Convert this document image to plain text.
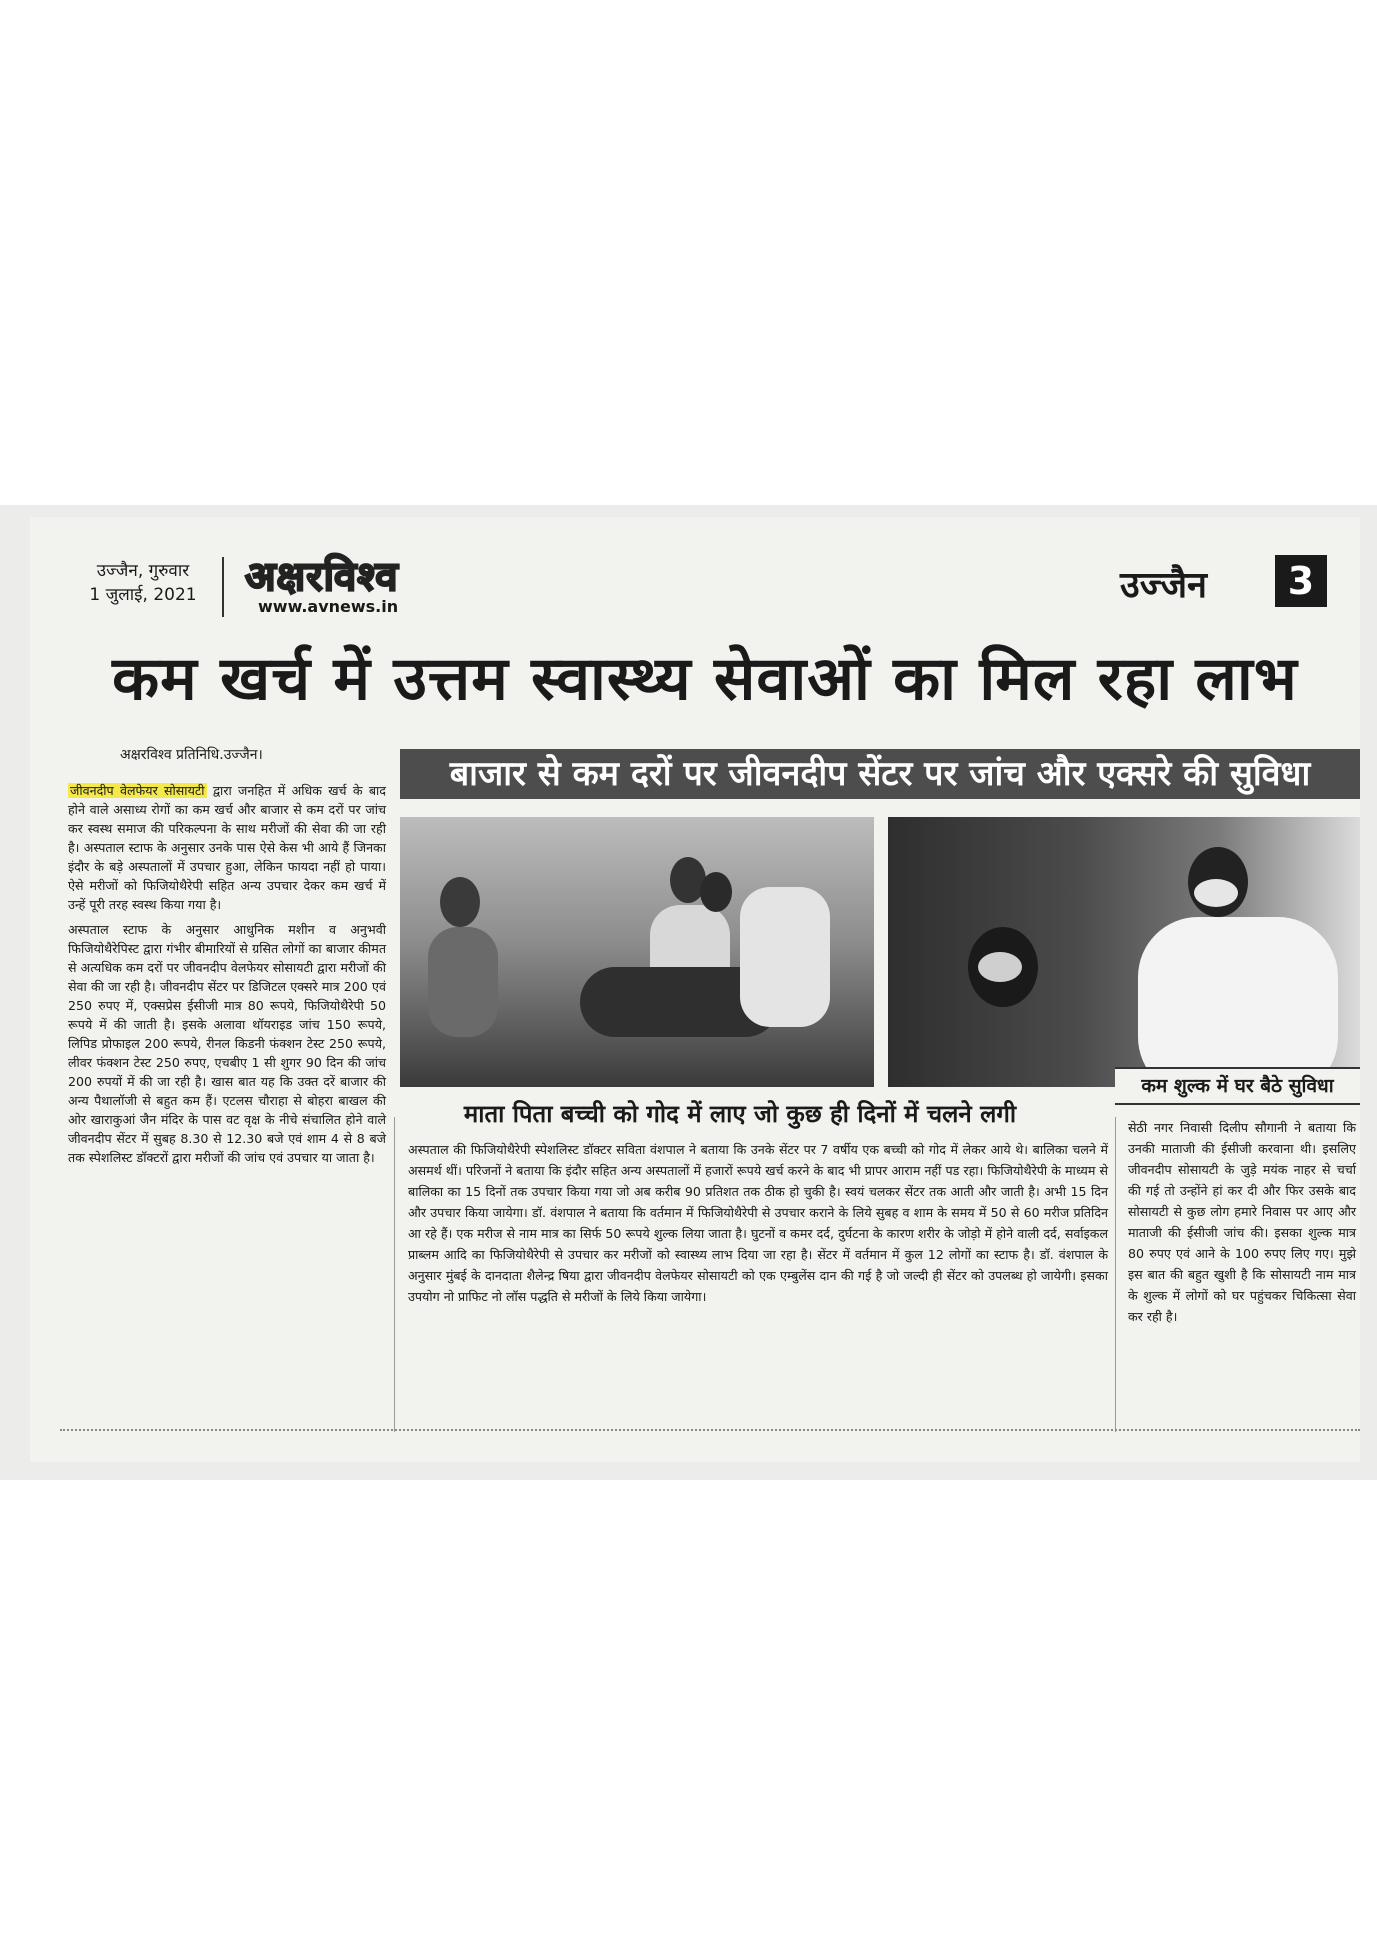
उज्जैन, गुरुवार
1 जुलाई, 2021	अक्षरविश्व
www.avnews.in
उज्जैन	3
कम खर्च में उत्तम स्वास्थ्य सेवाओं का मिल रहा लाभ
अक्षरविश्व प्रतिनिधि.उज्जैन।

जीवनदीप वेलफेयर सोसायटी द्वारा जनहित में अधिक खर्च के बाद होने वाले असाध्य रोगों का कम खर्च और बाजार से कम दरों पर जांच कर स्वस्थ समाज की परिकल्पना के साथ मरीजों की सेवा की जा रही है। अस्पताल स्टाफ के अनुसार उनके पास ऐसे केस भी आये हैं जिनका इंदौर के बड़े अस्पतालों में उपचार हुआ, लेकिन फायदा नहीं हो पाया। ऐसे मरीजों को फिजियोथैरेपी सहित अन्य उपचार देकर कम खर्च में उन्हें पूरी तरह स्वस्थ किया गया है।

अस्पताल स्टाफ के अनुसार आधुनिक मशीन व अनुभवी फिजियोथैरेपिस्ट द्वारा गंभीर बीमारियों से ग्रसित लोगों का बाजार कीमत से अत्यधिक कम दरों पर जीवनदीप वेलफेयर सोसायटी द्वारा मरीजों की सेवा की जा रही है। जीवनदीप सेंटर पर डिजिटल एक्सरे मात्र 200 एवं 250 रुपए में, एक्सप्रेस ईसीजी मात्र 80 रूपये, फिजियोथैरेपी 50 रूपये में की जाती है। इसके अलावा थॉयराइड जांच 150 रूपये, लिपिड प्रोफाइल 200 रूपये, रीनल किडनी फंक्शन टेस्ट 250 रूपये, लीवर फंक्शन टेस्ट 250 रुपए, एचबीए 1 सी शुगर 90 दिन की जांच 200 रुपयों में की जा रही है। खास बात यह कि उक्त दरें बाजार की अन्य पैथालॉजी से बहुत कम हैं। एटलस चौराहा से बोहरा बाखल की ओर खाराकुआं जैन मंदिर के पास वट वृक्ष के नीचे संचालित होने वाले जीवनदीप सेंटर में सुबह 8.30 से 12.30 बजे एवं शाम 4 से 8 बजे तक स्पेशलिस्ट डॉक्टरों द्वारा मरीजों की जांच एवं उपचार या जाता है।

बाजार से कम दरों पर जीवनदीप सेंटर पर जांच और एक्सरे की सुविधा
माता पिता बच्ची को गोद में लाए जो कुछ ही दिनों में चलने लगी
कम शुल्क में घर बैठे सुविधा
अस्पताल की फिजियोथैरेपी स्पेशलिस्ट डॉक्टर सविता वंशपाल ने बताया कि उनके सेंटर पर 7 वर्षीय एक बच्ची को गोद में लेकर आये थे। बालिका चलने में असमर्थ थीं। परिजनों ने बताया कि इंदौर सहित अन्य अस्पतालों में हजारों रूपये खर्च करने के बाद भी प्रापर आराम नहीं पड रहा। फिजियोथैरेपी के माध्यम से बालिका का 15 दिनों तक उपचार किया गया जो अब करीब 90 प्रतिशत तक ठीक हो चुकी है। स्वयं चलकर सेंटर तक आती और जाती है। अभी 15 दिन और उपचार किया जायेगा। डॉ. वंशपाल ने बताया कि वर्तमान में फिजियोथैरेपी से उपचार कराने के लिये सुबह व शाम के समय में 50 से 60 मरीज प्रतिदिन आ रहे हैं। एक मरीज से नाम मात्र का सिर्फ 50 रूपये शुल्क लिया जाता है। घुटनों व कमर दर्द, दुर्घटना के कारण शरीर के जोड़ो में होने वाली दर्द, सर्वाइकल प्राब्लम आदि का फिजियोथैरेपी से उपचार कर मरीजों को स्वास्थ्य लाभ दिया जा रहा है। सेंटर में वर्तमान में कुल 12 लोगों का स्टाफ है। डॉ. वंशपाल के अनुसार मुंबई के दानदाता शैलेन्द्र षिया द्वारा जीवनदीप वेलफेयर सोसायटी को एक एम्बुलेंस दान की गई है जो जल्दी ही सेंटर को उपलब्ध हो जायेगी। इसका उपयोग नो प्राफिट नो लॉस पद्धति से मरीजों के लिये किया जायेगा।
सेठी नगर निवासी दिलीप सौगानी ने बताया कि उनकी माताजी की ईसीजी करवाना थी। इसलिए जीवनदीप सोसायटी के जुड़े मयंक नाहर से चर्चा की गई तो उन्होंने हां कर दी और फिर उसके बाद सोसायटी से कुछ लोग हमारे निवास पर आए और माताजी की ईसीजी जांच की। इसका शुल्क मात्र 80 रुपए एवं आने के 100 रुपए लिए गए। मुझे इस बात की बहुत खुशी है कि सोसायटी नाम मात्र के शुल्क में लोगों को घर पहुंचकर चिकित्सा सेवा कर रही है।
